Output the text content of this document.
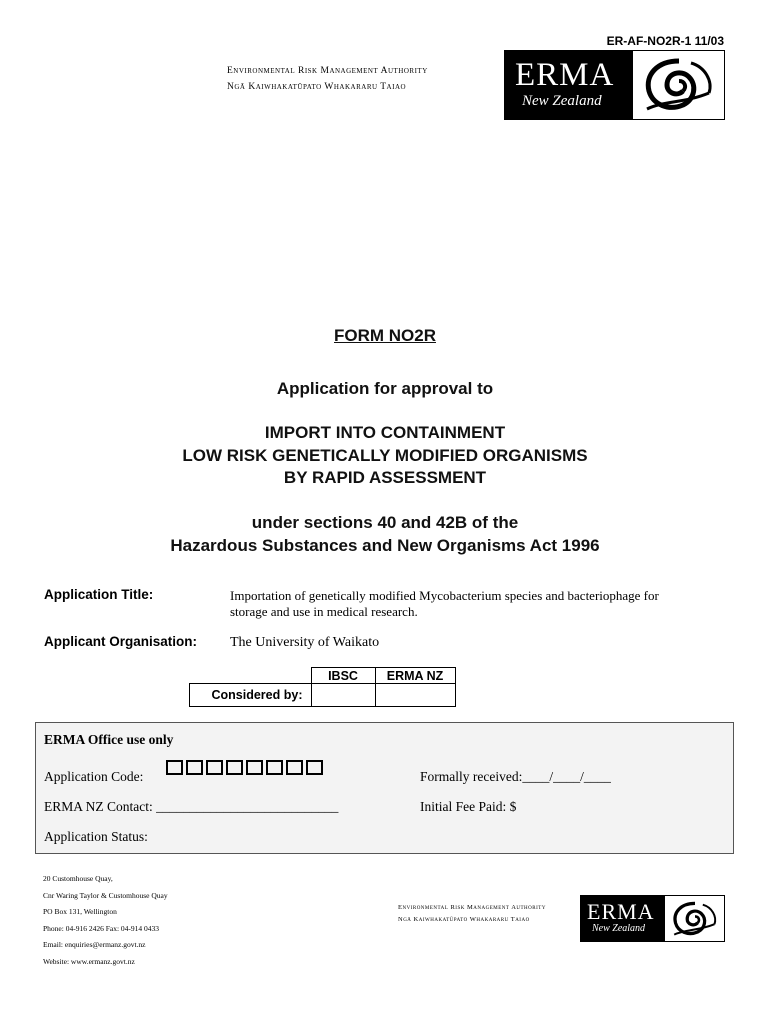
ER-AF-NO2R-1 11/03
Environmental Risk Management Authority
Ngā Kaiwhakatūpato Whakararu Taiao	ERMA
New Zealand
FORM NO2R
Application for approval to
IMPORT INTO CONTAINMENT
LOW RISK GENETICALLY MODIFIED ORGANISMS
BY RAPID ASSESSMENT
under sections 40 and 42B of the
Hazardous Substances and New Organisms Act 1996
Application Title:	Importation of genetically modified Mycobacterium species and bacteriophage for
storage and use in medical research.
Applicant Organisation: The University of Waikato
	IBSC	ERMA NZ
Considered by:		
ERMA Office use only
Application Code:	Formally received:____/____/____
ERMA NZ Contact: ___________________________	Initial Fee Paid: $
Application Status:
20 Customhouse Quay,
Cnr Waring Taylor & Customhouse Quay
PO Box 131, Wellington
Phone: 04-916 2426 Fax: 04-914 0433
Email: enquiries@ermanz.govt.nz
Website: www.ermanz.govt.nz
Environmental Risk Management Authority
Ngā Kaiwhakatūpato Whakararu Taiao	ERMA
New Zealand
